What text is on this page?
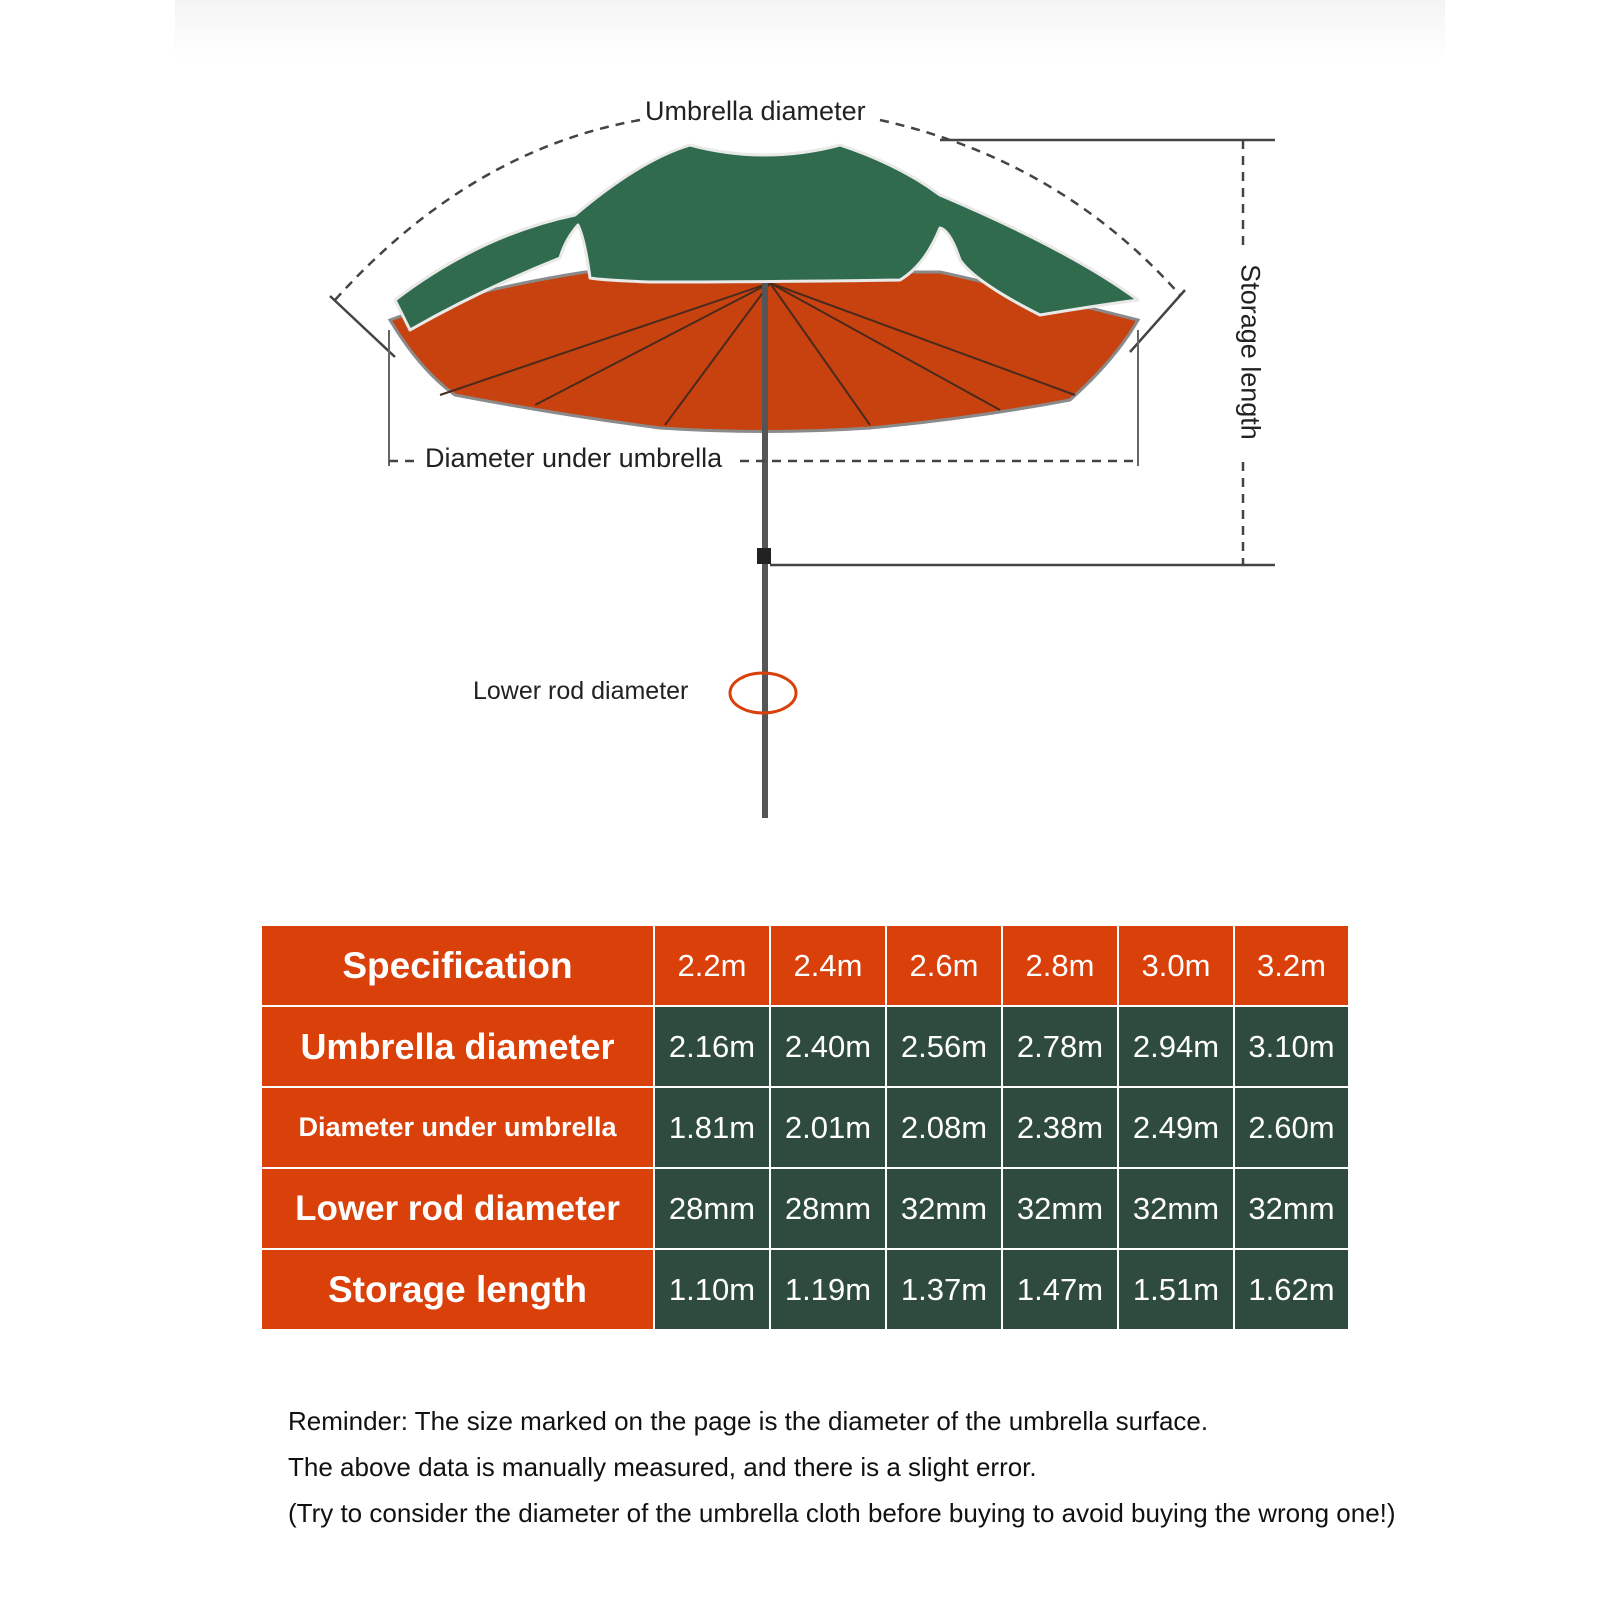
Umbrella diameter
Diameter under umbrella
Storage length
Lower rod diameter
Specification	2.2m	2.4m	2.6m	2.8m	3.0m	3.2m
Umbrella diameter	2.16m	2.40m	2.56m	2.78m	2.94m	3.10m
Diameter under umbrella	1.81m	2.01m	2.08m	2.38m	2.49m	2.60m
Lower rod diameter	28mm	28mm	32mm	32mm	32mm	32mm
Storage length	1.10m	1.19m	1.37m	1.47m	1.51m	1.62m
Reminder: The size marked on the page is the diameter of the umbrella surface.
The above data is manually measured, and there is a slight error.
(Try to consider the diameter of the umbrella cloth before buying to avoid buying the wrong one!)
